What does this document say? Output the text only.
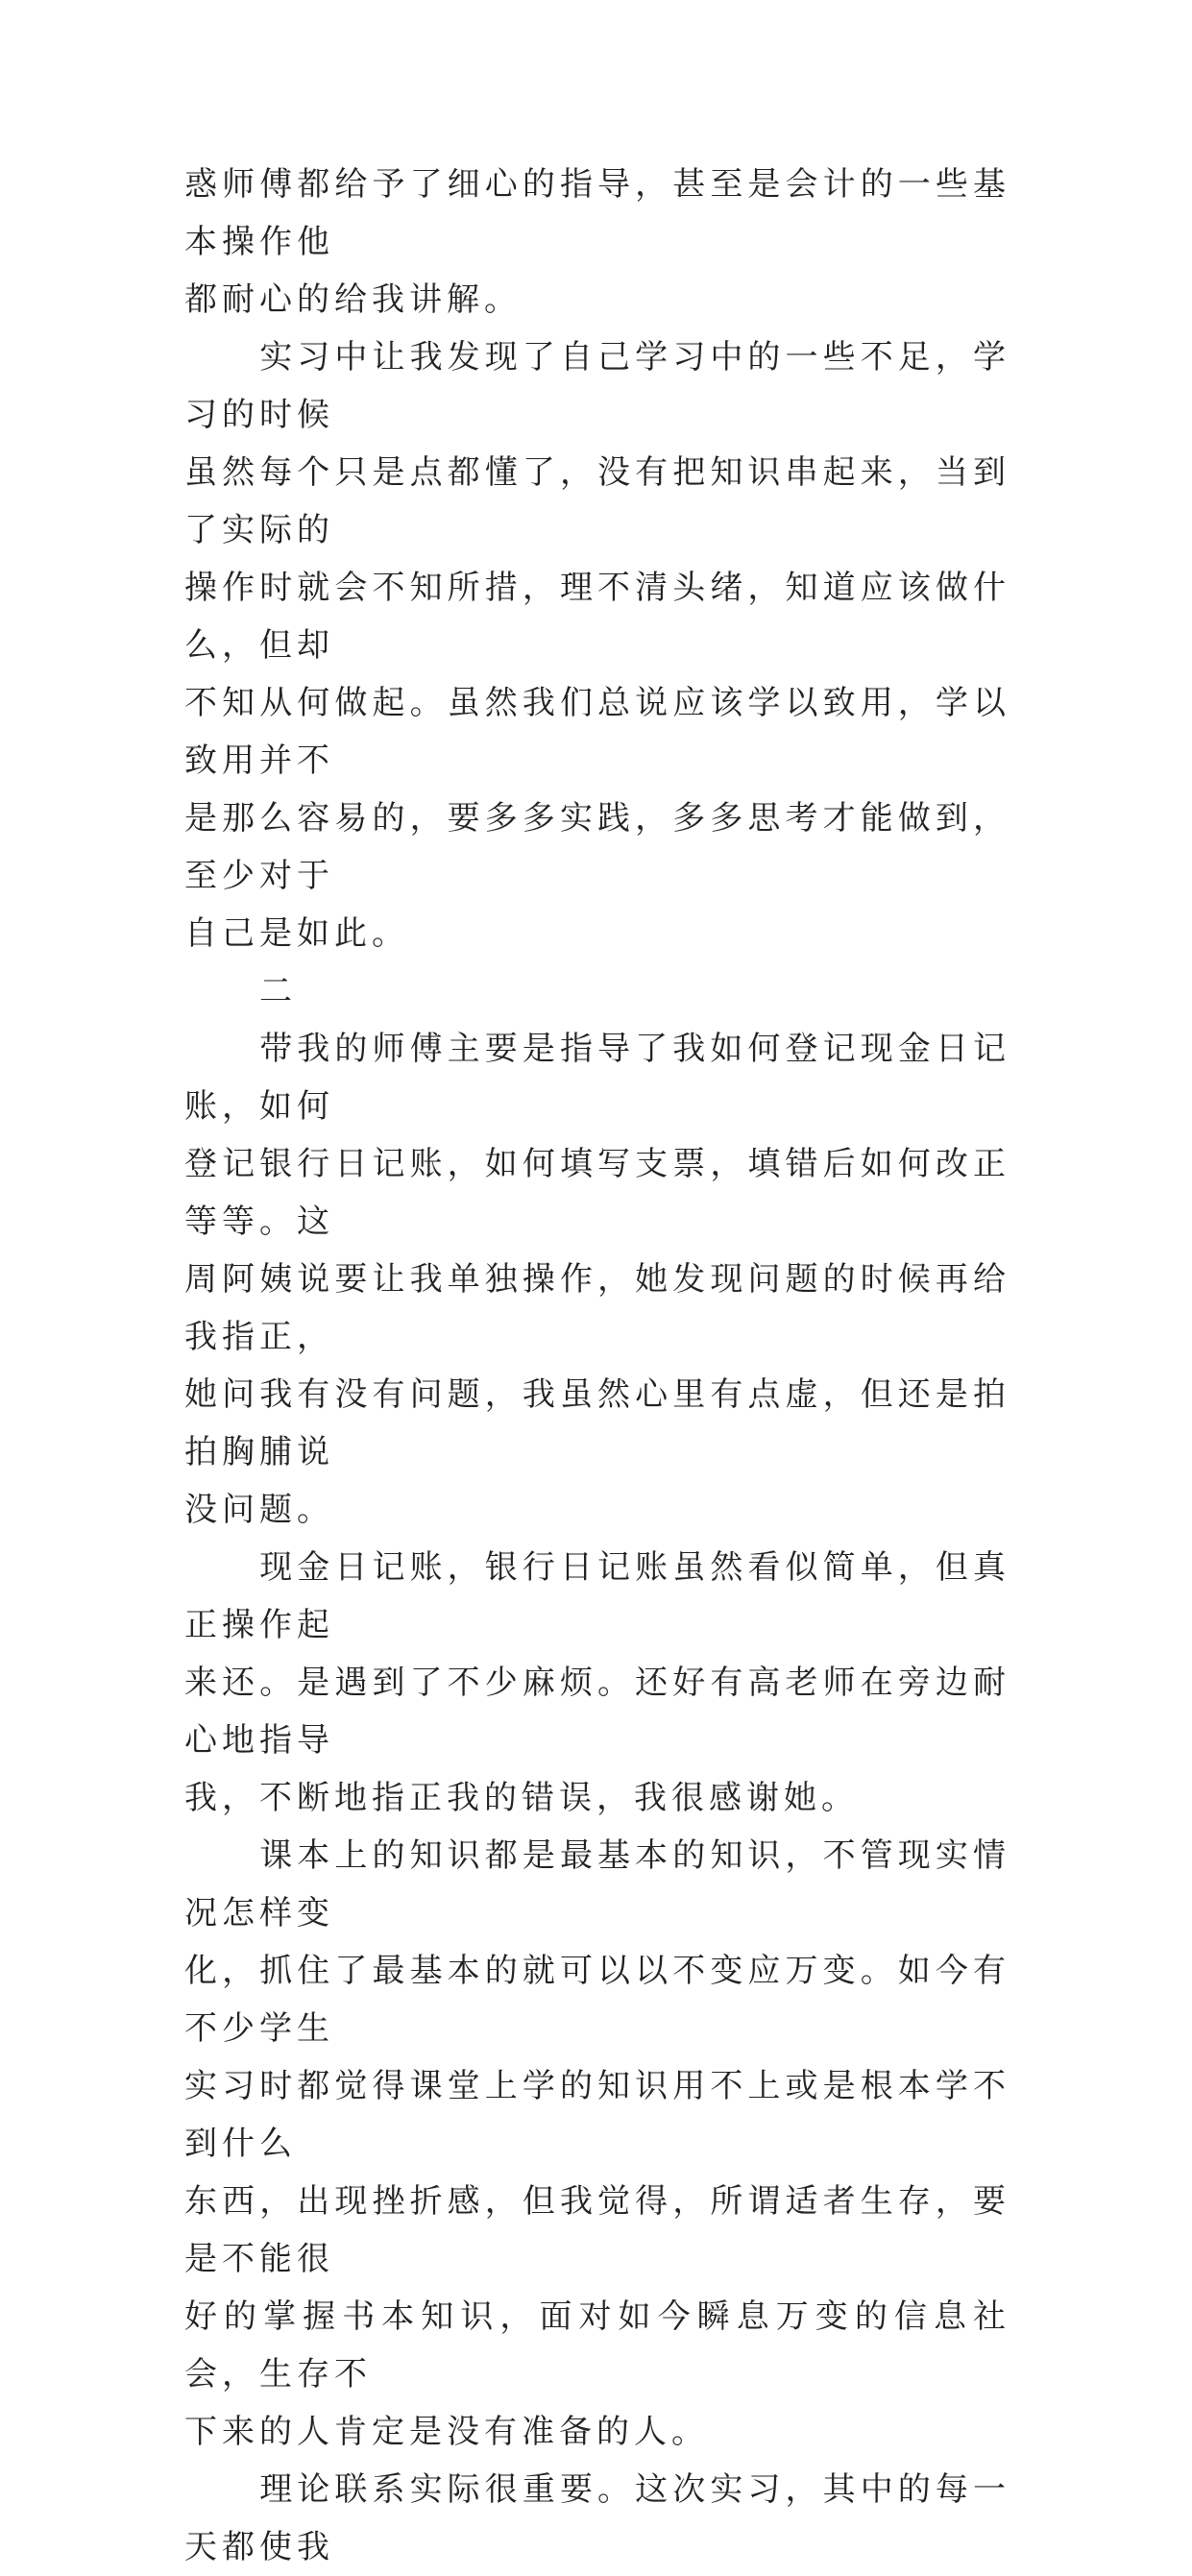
惑师傅都给予了细心的指导，甚至是会计的一些基本操作他
都耐心的给我讲解。

　　实习中让我发现了自己学习中的一些不足，学习的时候
虽然每个只是点都懂了，没有把知识串起来，当到了实际的
操作时就会不知所措，理不清头绪，知道应该做什么，但却
不知从何做起。虽然我们总说应该学以致用，学以致用并不
是那么容易的，要多多实践，多多思考才能做到，至少对于
自己是如此。

　　二

　　带我的师傅主要是指导了我如何登记现金日记账，如何
登记银行日记账，如何填写支票，填错后如何改正等等。这
周阿姨说要让我单独操作，她发现问题的时候再给我指正，
她问我有没有问题，我虽然心里有点虚，但还是拍拍胸脯说
没问题。

　　现金日记账，银行日记账虽然看似简单，但真正操作起
来还。是遇到了不少麻烦。还好有高老师在旁边耐心地指导
我，不断地指正我的错误，我很感谢她。

　　课本上的知识都是最基本的知识，不管现实情况怎样变
化，抓住了最基本的就可以以不变应万变。如今有不少学生
实习时都觉得课堂上学的知识用不上或是根本学不到什么
东西，出现挫折感，但我觉得，所谓适者生存，要是不能很
好的掌握书本知识，面对如今瞬息万变的信息社会，生存不
下来的人肯定是没有准备的人。

　　理论联系实际很重要。这次实习，其中的每一天都使我
